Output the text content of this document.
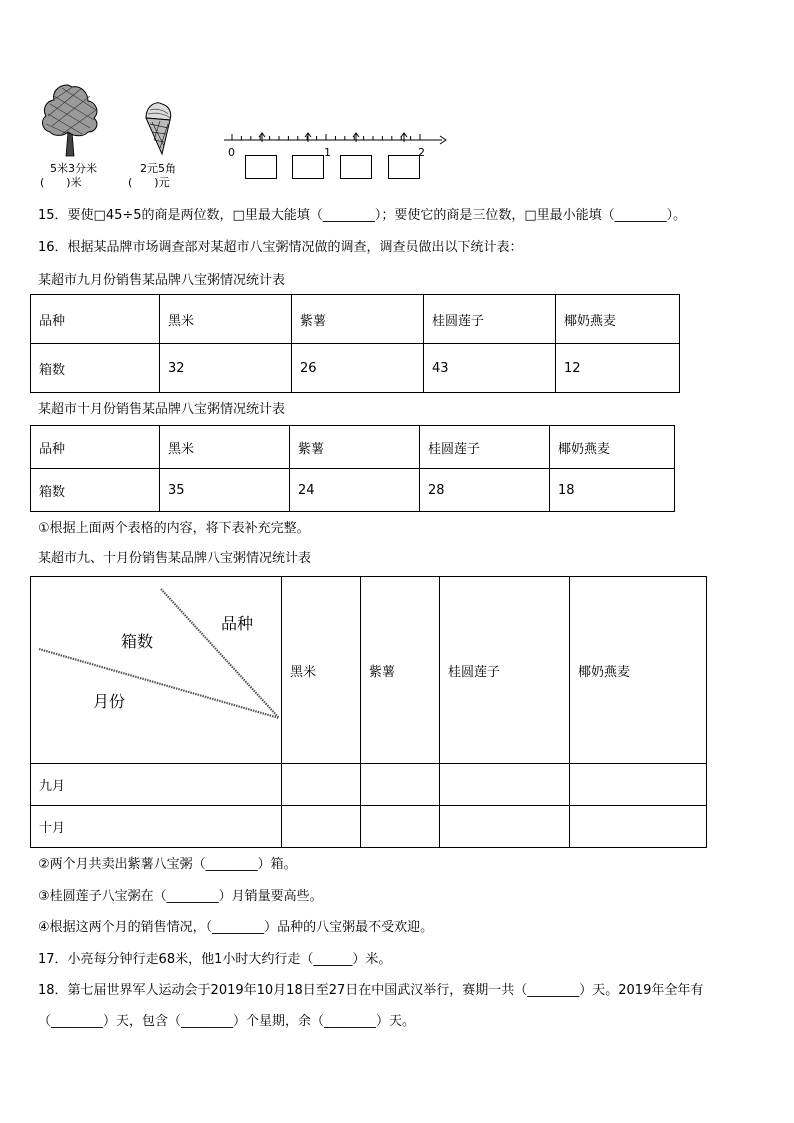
5米3分米
(　　)米
2元5角
(　　)元
0	1	2
15．要使□45÷5的商是两位数，□里最大能填（________）；要使它的商是三位数，□里最小能填（________）。
16．根据某品牌市场调查部对某超市八宝粥情况做的调查，调查员做出以下统计表：
某超市九月份销售某品牌八宝粥情况统计表
品种	黑米	紫薯	桂圆莲子	椰奶燕麦
箱数	32	26	43	12
某超市十月份销售某品牌八宝粥情况统计表
品种	黑米	紫薯	桂圆莲子	椰奶燕麦
箱数	35	24	28	18
①根据上面两个表格的内容，将下表补充完整。
某超市九、十月份销售某品牌八宝粥情况统计表
品种
箱数
月份	黑米	紫薯	桂圆莲子	椰奶燕麦
九月				
十月				
②两个月共卖出紫薯八宝粥（________）箱。
③桂圆莲子八宝粥在（________）月销量要高些。
④根据这两个月的销售情况，（________）品种的八宝粥最不受欢迎。
17．小亮每分钟行走68米，他1小时大约行走（______）米。
18．第七届世界军人运动会于2019年10月18日至27日在中国武汉举行，赛期一共（________）天。2019年全年有
（________）天，包含（________）个星期，余（________）天。
